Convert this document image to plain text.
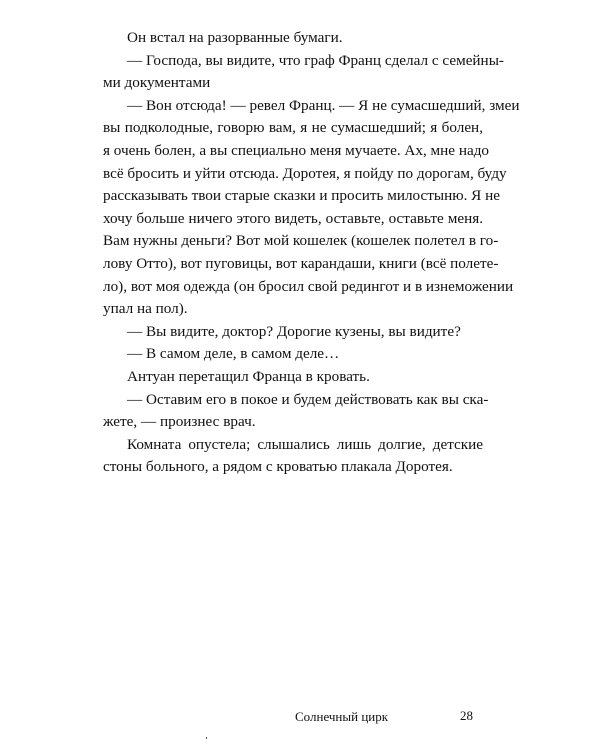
Он встал на разорванные бумаги.
— Господа, вы видите, что граф Франц сделал с семейны-
ми документами
— Вон отсюда! — ревел Франц. — Я не сумасшедший, змеи
вы подколодные, говорю вам, я не сумасшедший; я болен,
я очень болен, а вы специально меня мучаете. Ах, мне надо
всё бросить и уйти отсюда. Доротея, я пойду по дорогам, буду
рассказывать твои старые сказки и просить милостыню. Я не
хочу больше ничего этого видеть, оставьте, оставьте меня.
Вам нужны деньги? Вот мой кошелек (кошелек полетел в го-
лову Отто), вот пуговицы, вот карандаши, книги (всё полете-
ло), вот моя одежда (он бросил свой редингот и в изнеможении
упал на пол).
— Вы видите, доктор? Дорогие кузены, вы видите?
— В самом деле, в самом деле…
Антуан перетащил Франца в кровать.
— Оставим его в покое и будем действовать как вы ска-
жете, — произнес врач.
Комната опустела; слышались лишь долгие, детские
стоны больного, а рядом с кроватью плакала Доротея.
Солнечный цирк	28
